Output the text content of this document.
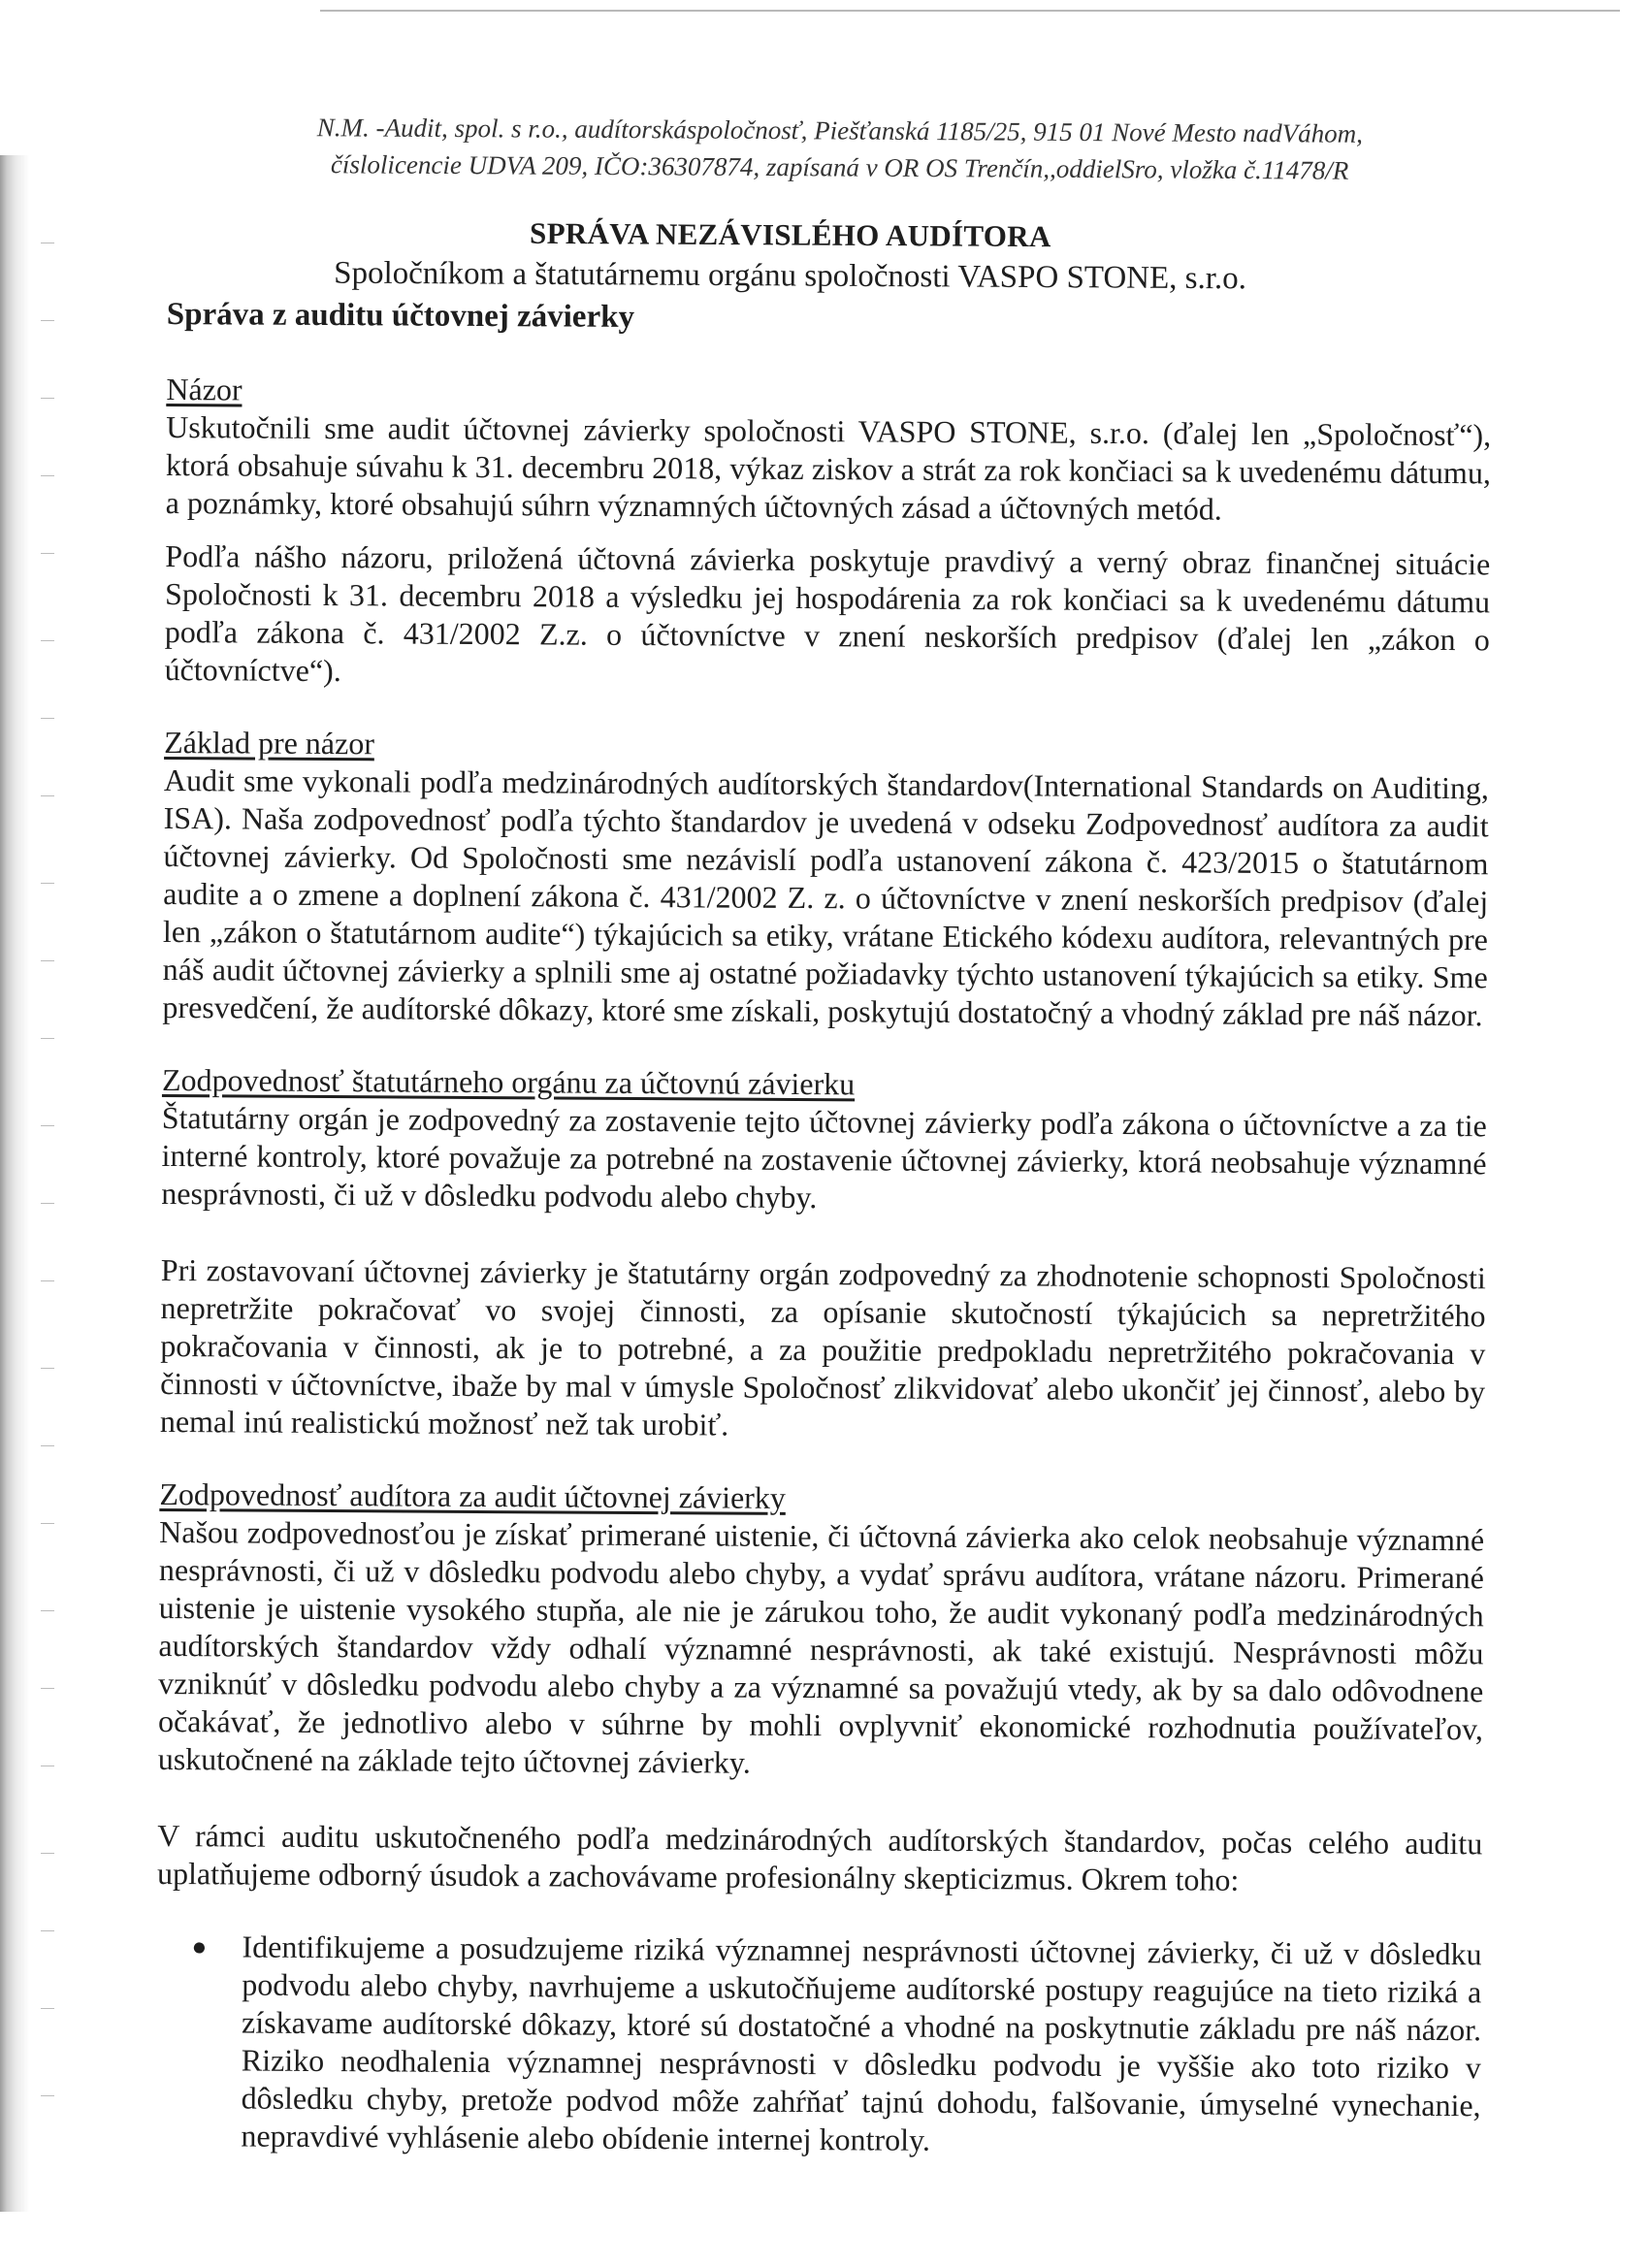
N.M. -Audit, spol. s r.o., audítorskáspoločnosť, Piešťanská 1185/25, 915 01 Nové Mesto nadVáhom,
číslolicencie UDVA 209, IČO:36307874, zapísaná v OR OS Trenčín,,oddielSro, vložka č.11478/R
SPRÁVA NEZÁVISLÉHO AUDÍTORA
Spoločníkom a štatutárnemu orgánu spoločnosti VASPO STONE, s.r.o.
Správa z auditu účtovnej závierky

Názor

Uskutočnili sme audit účtovnej závierky spoločnosti VASPO STONE, s.r.o. (ďalej len „Spoločnosť“), ktorá obsahuje súvahu k 31. decembru 2018, výkaz ziskov a strát za rok končiaci sa k uvedenému dátumu, a poznámky, ktoré obsahujú súhrn významných účtovných zásad a účtovných metód.

Podľa nášho názoru, priložená účtovná závierka poskytuje pravdivý a verný obraz finančnej situácie Spoločnosti k 31. decembru 2018 a výsledku jej hospodárenia za rok končiaci sa k uvedenému dátumu podľa zákona č. 431/2002 Z.z. o účtovníctve v znení neskorších predpisov (ďalej len „zákon o účtovníctve“).

Základ pre názor

Audit sme vykonali podľa medzinárodných audítorských štandardov(International Standards on Auditing, ISA). Naša zodpovednosť podľa týchto štandardov je uvedená v odseku Zodpovednosť audítora za audit účtovnej závierky. Od Spoločnosti sme nezávislí podľa ustanovení zákona č. 423/2015 o štatutárnom audite a o zmene a doplnení zákona č. 431/2002 Z. z. o účtovníctve v znení neskorších predpisov (ďalej len „zákon o štatutárnom audite“) týkajúcich sa etiky, vrátane Etického kódexu audítora, relevantných pre náš audit účtovnej závierky a splnili sme aj ostatné požiadavky týchto ustanovení týkajúcich sa etiky. Sme presvedčení, že audítorské dôkazy, ktoré sme získali, poskytujú dostatočný a vhodný základ pre náš názor.

Zodpovednosť štatutárneho orgánu za účtovnú závierku

Štatutárny orgán je zodpovedný za zostavenie tejto účtovnej závierky podľa zákona o účtovníctve a za tie interné kontroly, ktoré považuje za potrebné na zostavenie účtovnej závierky, ktorá neobsahuje významné nesprávnosti, či už v dôsledku podvodu alebo chyby.

Pri zostavovaní účtovnej závierky je štatutárny orgán zodpovedný za zhodnotenie schopnosti Spoločnosti nepretržite pokračovať vo svojej činnosti, za opísanie skutočností týkajúcich sa nepretržitého pokračovania v činnosti, ak je to potrebné, a za použitie predpokladu nepretržitého pokračovania v činnosti v účtovníctve, ibaže by mal v úmysle Spoločnosť zlikvidovať alebo ukončiť jej činnosť, alebo by nemal inú realistickú možnosť než tak urobiť.

Zodpovednosť audítora za audit účtovnej závierky

Našou zodpovednosťou je získať primerané uistenie, či účtovná závierka ako celok neobsahuje významné nesprávnosti, či už v dôsledku podvodu alebo chyby, a vydať správu audítora, vrátane názoru. Primerané uistenie je uistenie vysokého stupňa, ale nie je zárukou toho, že audit vykonaný podľa medzinárodných audítorských štandardov vždy odhalí významné nesprávnosti, ak také existujú. Nesprávnosti môžu vzniknúť v dôsledku podvodu alebo chyby a za významné sa považujú vtedy, ak by sa dalo odôvodnene očakávať, že jednotlivo alebo v súhrne by mohli ovplyvniť ekonomické rozhodnutia používateľov, uskutočnené na základe tejto účtovnej závierky.

V rámci auditu uskutočneného podľa medzinárodných audítorských štandardov, počas celého auditu uplatňujeme odborný úsudok a zachovávame profesionálny skepticizmus. Okrem toho:

● Identifikujeme a posudzujeme riziká významnej nesprávnosti účtovnej závierky, či už v dôsledku podvodu alebo chyby, navrhujeme a uskutočňujeme audítorské postupy reagujúce na tieto riziká a získavame audítorské dôkazy, ktoré sú dostatočné a vhodné na poskytnutie základu pre náš názor. Riziko neodhalenia významnej nesprávnosti v dôsledku podvodu je vyššie ako toto riziko v dôsledku chyby, pretože podvod môže zahŕňať tajnú dohodu, falšovanie, úmyselné vynechanie, nepravdivé vyhlásenie alebo obídenie internej kontroly.
